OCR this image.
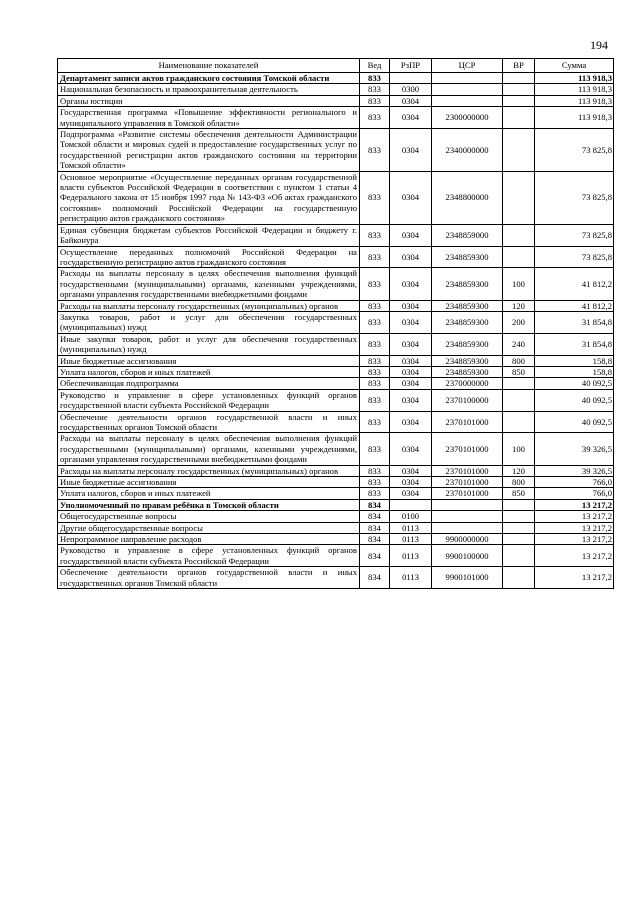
194
Наименование показателей	Вед	РзПР	ЦСР	ВР	Сумма
Департамент записи актов гражданского состояния Томской области	833				113 918,3
Национальная безопасность и правоохранительная деятельность	833	0300			113 918,3
Органы юстиции	833	0304			113 918,3
Государственная программа «Повышение эффективности регионального и муниципального управления в Томской области»	833	0304	2300000000		113 918,3
Подпрограмма «Развитие системы обеспечения деятельности Администрации Томской области и мировых судей и предоставление государственных услуг по государственной регистрации актов гражданского состояния на территории Томской области»	833	0304	2340000000		73 825,8
Основное мероприятие «Осуществление переданных органам государственной власти субъектов Российской Федерации в соответствии с пунктом 1 статьи 4 Федерального закона от 15 ноября 1997 года № 143-ФЗ «Об актах гражданского состояния» полномочий Российской Федерации на государственную регистрацию актов гражданского состояния»	833	0304	2348800000		73 825,8
Единая субвенция бюджетам субъектов Российской Федерации и бюджету г. Байконура	833	0304	2348859000		73 825,8
Осуществление переданных полномочий Российской Федерации на государственную регистрацию актов гражданского состояния	833	0304	2348859300		73 825,8
Расходы на выплаты персоналу в целях обеспечения выполнения функций государственными (муниципальными) органами, казенными учреждениями, органами управления государственными внебюджетными фондами	833	0304	2348859300	100	41 812,2
Расходы на выплаты персоналу государственных (муниципальных) органов	833	0304	2348859300	120	41 812,2
Закупка товаров, работ и услуг для обеспечения государственных (муниципальных) нужд	833	0304	2348859300	200	31 854,8
Иные закупки товаров, работ и услуг для обеспечения государственных (муниципальных) нужд	833	0304	2348859300	240	31 854,8
Иные бюджетные ассигнования	833	0304	2348859300	800	158,8
Уплата налогов, сборов и иных платежей	833	0304	2348859300	850	158,8
Обеспечивающая подпрограмма	833	0304	2370000000		40 092,5
Руководство и управление в сфере установленных функций органов государственной власти субъекта Российской Федерации	833	0304	2370100000		40 092,5
Обеспечение деятельности органов государственной власти и иных государственных органов Томской области	833	0304	2370101000		40 092,5
Расходы на выплаты персоналу в целях обеспечения выполнения функций государственными (муниципальными) органами, казенными учреждениями, органами управления государственными внебюджетными фондами	833	0304	2370101000	100	39 326,5
Расходы на выплаты персоналу государственных (муниципальных) органов	833	0304	2370101000	120	39 326,5
Иные бюджетные ассигнования	833	0304	2370101000	800	766,0
Уплата налогов, сборов и иных платежей	833	0304	2370101000	850	766,0
Уполномоченный по правам ребёнка в Томской области	834				13 217,2
Общегосударственные вопросы	834	0100			13 217,2
Другие общегосударственные вопросы	834	0113			13 217,2
Непрограммное направление расходов	834	0113	9900000000		13 217,2
Руководство и управление в сфере установленных функций органов государственной власти субъекта Российской Федерации	834	0113	9900100000		13 217,2
Обеспечение деятельности органов государственной власти и иных государственных органов Томской области	834	0113	9900101000		13 217,2
